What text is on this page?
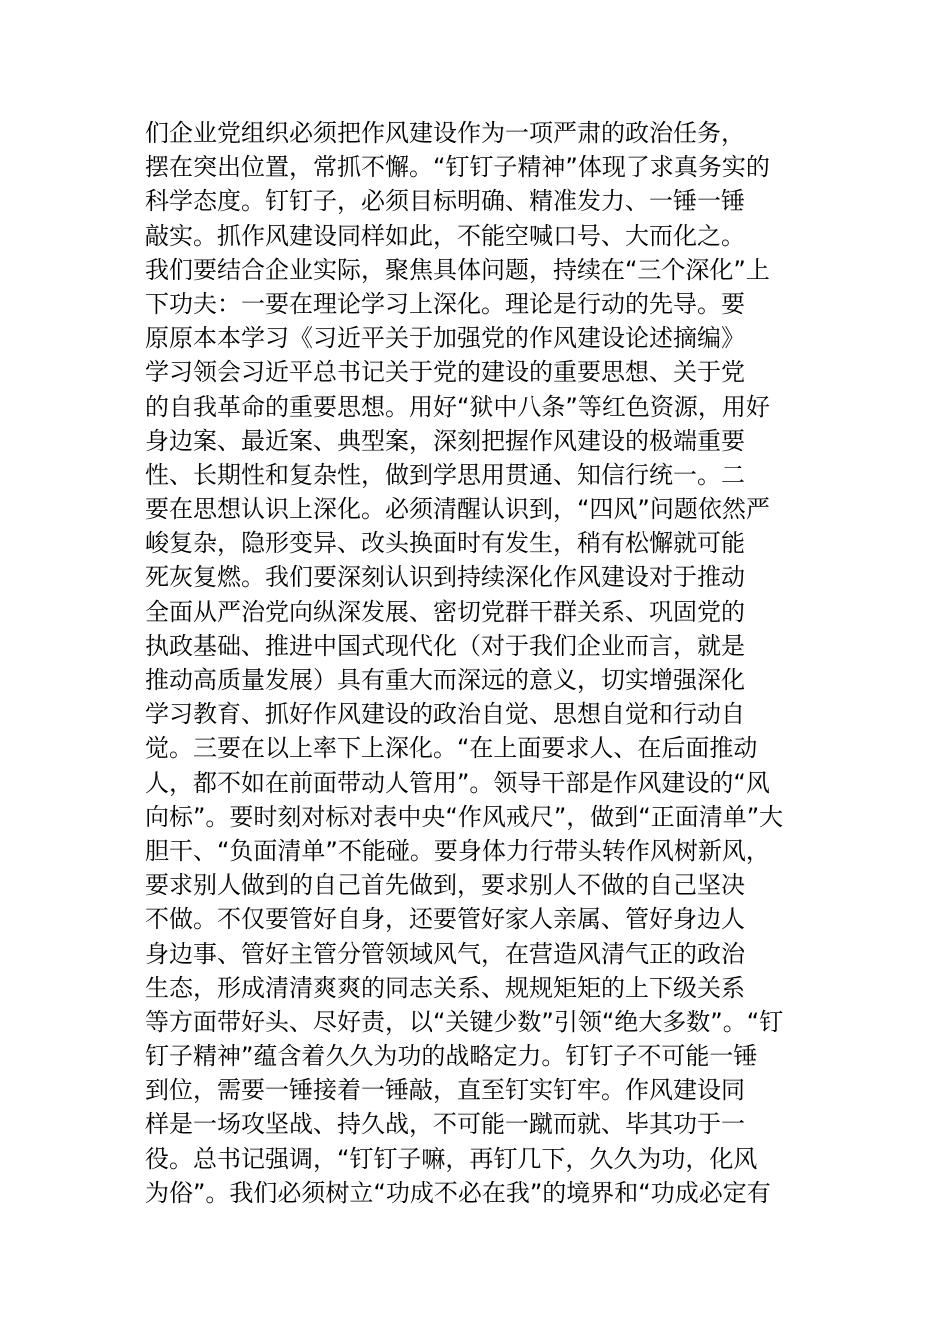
们企业党组织必须把作风建设作为一项严肃的政治任务，
摆在突出位置，常抓不懈。“钉钉子精神”体现了求真务实的
科学态度。钉钉子，必须目标明确、精准发力、一锤一锤
敲实。抓作风建设同样如此，不能空喊口号、大而化之。
我们要结合企业实际，聚焦具体问题，持续在“三个深化”上
下功夫：一要在理论学习上深化。理论是行动的先导。要
原原本本学习《习近平关于加强党的作风建设论述摘编》
学习领会习近平总书记关于党的建设的重要思想、关于党
的自我革命的重要思想。用好“狱中八条”等红色资源，用好
身边案、最近案、典型案，深刻把握作风建设的极端重要
性、长期性和复杂性，做到学思用贯通、知信行统一。二
要在思想认识上深化。必须清醒认识到，“四风”问题依然严
峻复杂，隐形变异、改头换面时有发生，稍有松懈就可能
死灰复燃。我们要深刻认识到持续深化作风建设对于推动
全面从严治党向纵深发展、密切党群干群关系、巩固党的
执政基础、推进中国式现代化（对于我们企业而言，就是
推动高质量发展）具有重大而深远的意义，切实增强深化
学习教育、抓好作风建设的政治自觉、思想自觉和行动自
觉。三要在以上率下上深化。“在上面要求人、在后面推动
人，都不如在前面带动人管用”。领导干部是作风建设的“风
向标”。要时刻对标对表中央“作风戒尺”，做到“正面清单”大
胆干、“负面清单”不能碰。要身体力行带头转作风树新风，
要求别人做到的自己首先做到，要求别人不做的自己坚决
不做。不仅要管好自身，还要管好家人亲属、管好身边人
身边事、管好主管分管领域风气，在营造风清气正的政治
生态，形成清清爽爽的同志关系、规规矩矩的上下级关系
等方面带好头、尽好责，以“关键少数”引领“绝大多数”。“钉
钉子精神”蕴含着久久为功的战略定力。钉钉子不可能一锤
到位，需要一锤接着一锤敲，直至钉实钉牢。作风建设同
样是一场攻坚战、持久战，不可能一蹴而就、毕其功于一
役。总书记强调，“钉钉子嘛，再钉几下，久久为功，化风
为俗”。我们必须树立“功成不必在我”的境界和“功成必定有
